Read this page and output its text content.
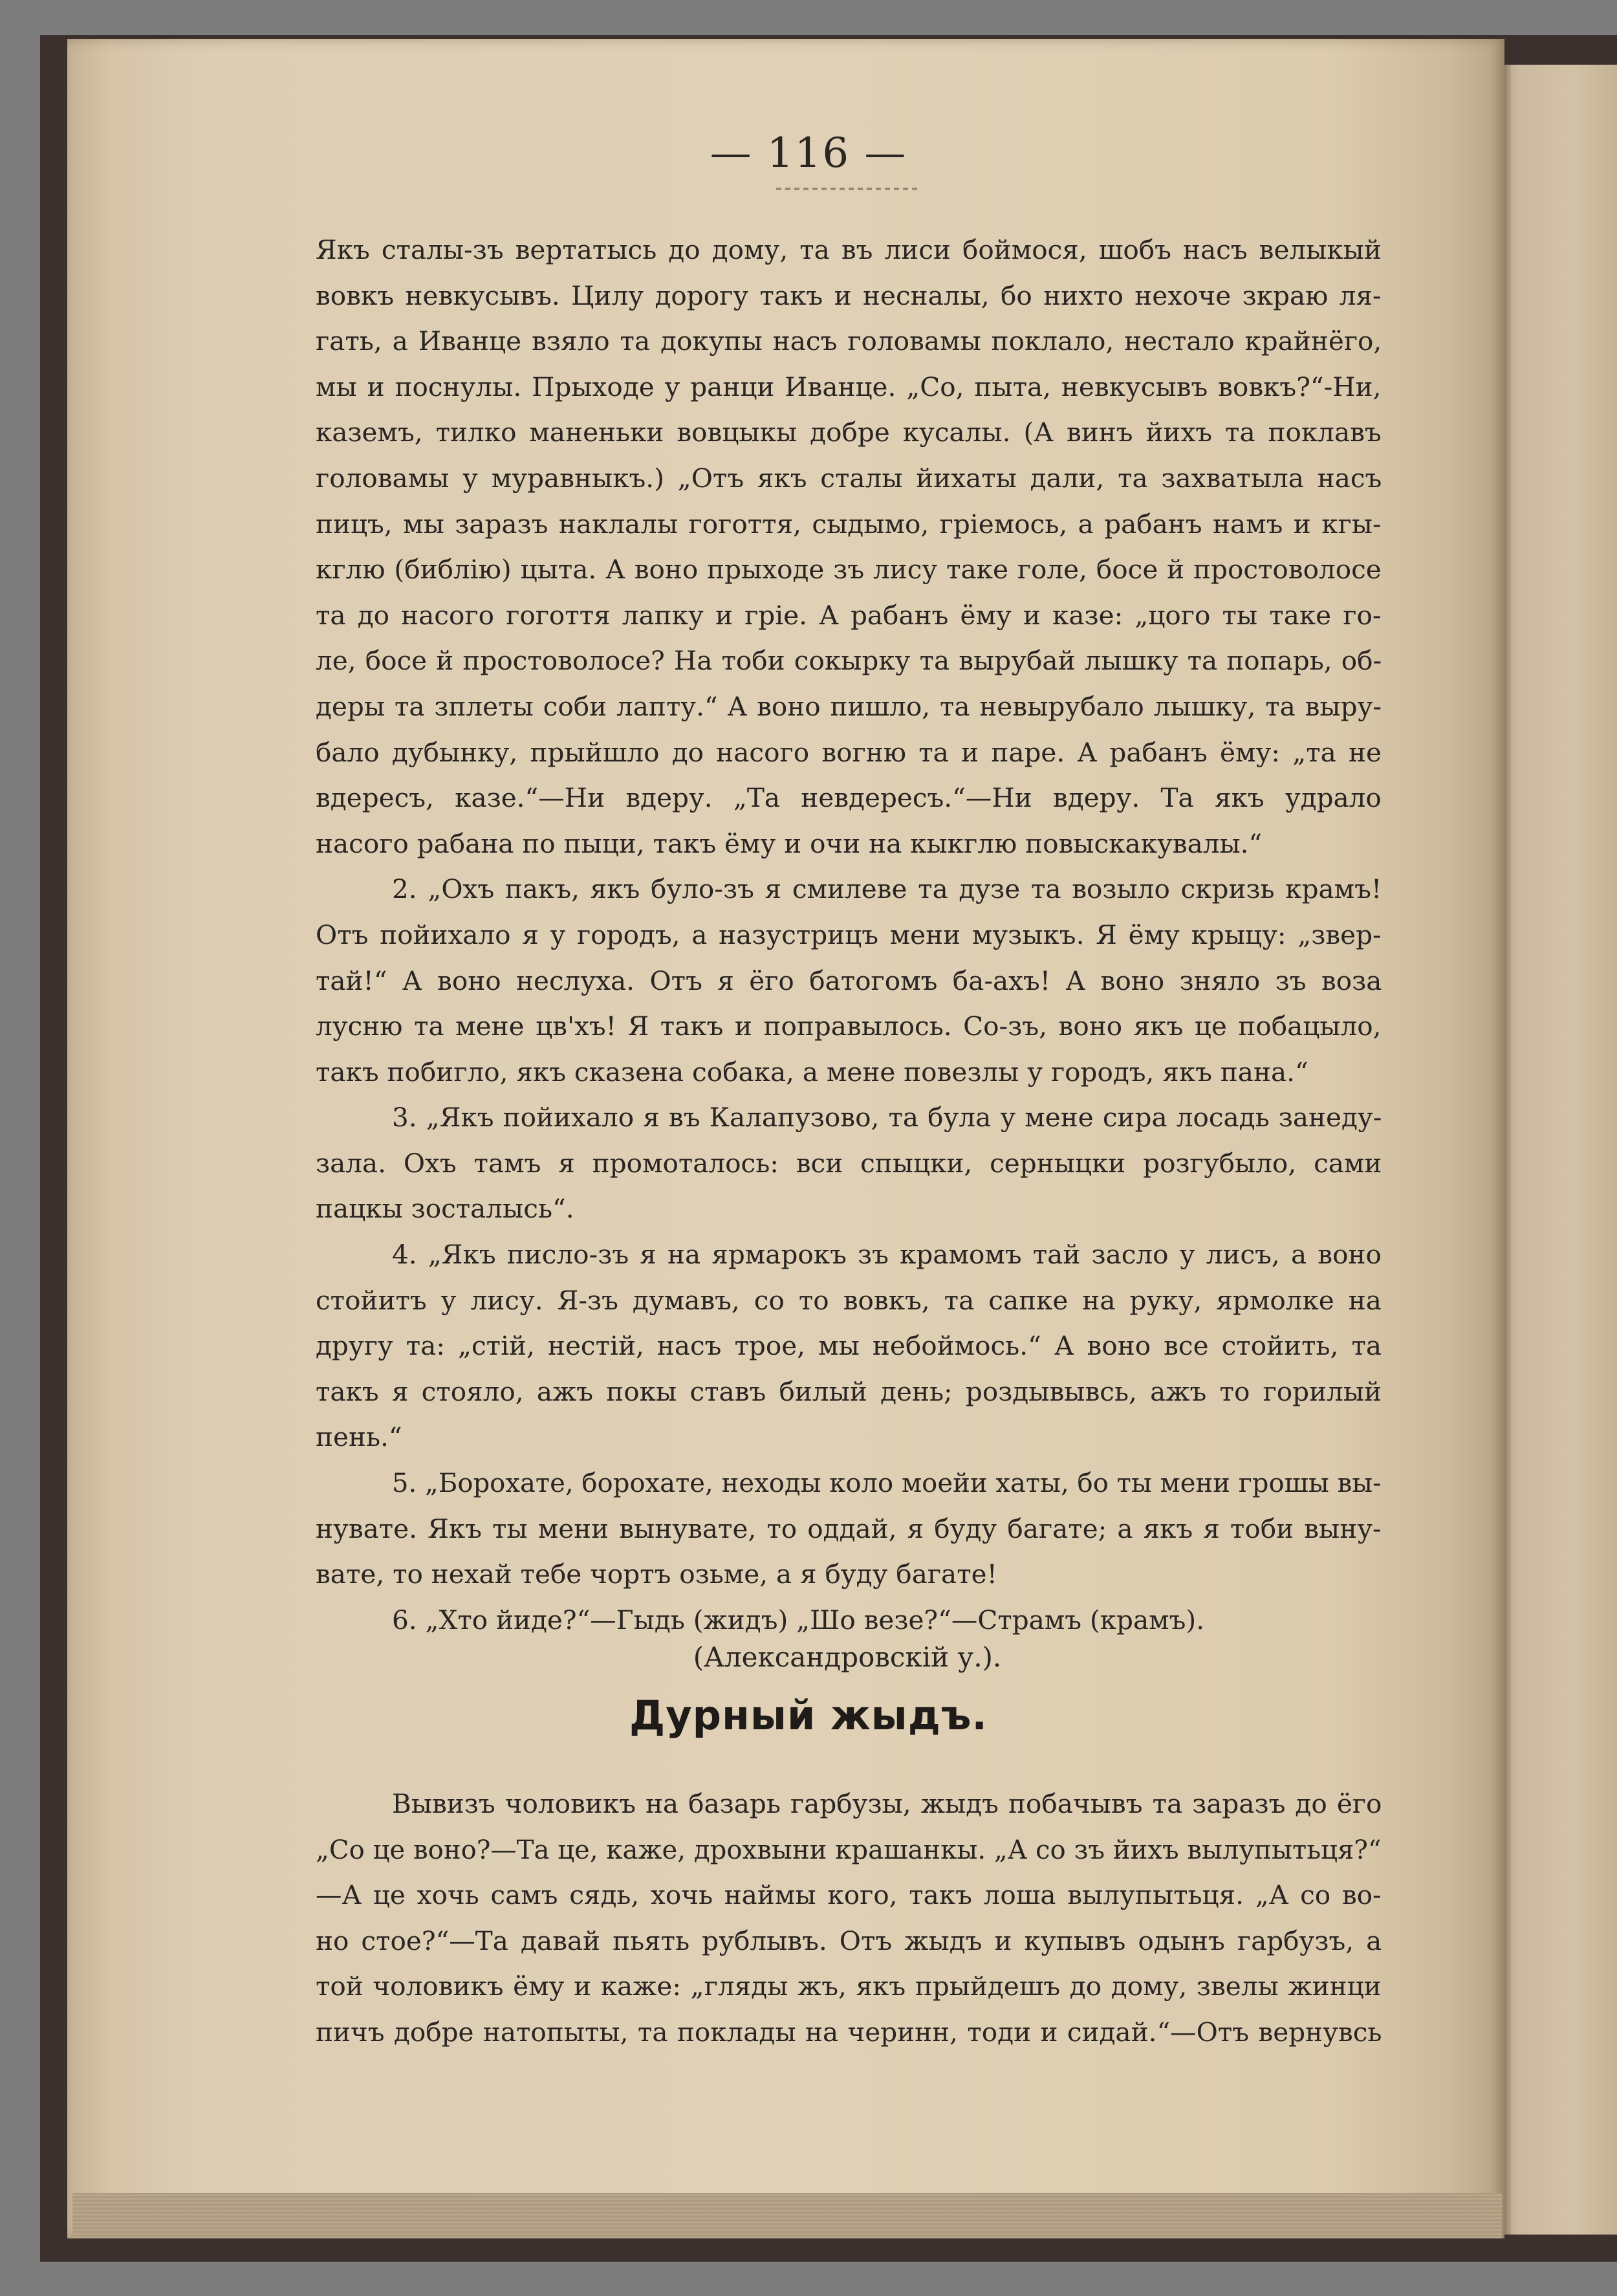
— 116 —
Якъ сталы-зъ вертатысь до дому, та въ лиси боймося, шобъ насъ велыкый
вовкъ невкусывъ. Цилу дорогу такъ и несналы, бо нихто нехоче зкраю ля-
гать, а Иванце взяло та докупы насъ головамы поклало, нестало крайнёго,
мы и поснулы. Прыходе у ранци Иванце. „Со, пыта, невкусывъ вовкъ?“-Ни,
каземъ, тилко маненьки вовцыкы добре кусалы. (А винъ йихъ та поклавъ
головамы у муравныкъ.) „Отъ якъ сталы йихаты дали, та захватыла насъ
пицъ, мы заразъ наклалы гогоття, сыдымо, гріемось, а рабанъ намъ и кгы-
кглю (библію) цыта. А воно прыходе зъ лису таке голе, босе й простоволосе
та до насого гогоття лапку и гріе. А рабанъ ёму и казе: „цого ты таке го-
ле, босе й простоволосе? На тоби сокырку та вырубай лышку та попарь, об-
деры та зплеты соби лапту.“ А воно пишло, та невырубало лышку, та выру-
бало дубынку, прыйшло до насого вогню та и паре. А рабанъ ёму: „та не
вдересъ, казе.“—Ни вдеру. „Та невдересъ.“—Ни вдеру. Та якъ удрало
насого рабана по пыци, такъ ёму и очи на кыкглю повыскакувалы.“
2. „Охъ пакъ, якъ було-зъ я смилеве та дузе та возыло скризь крамъ!
Отъ пойихало я у городъ, а назустрицъ мени музыкъ. Я ёму крыцу: „звер-
тай!“ А воно неслуха. Отъ я ёго батогомъ ба-ахъ! А воно зняло зъ воза
лусню та мене цв'хъ! Я такъ и поправылось. Со-зъ, воно якъ це побацыло,
такъ побигло, якъ сказена собака, а мене повезлы у городъ, якъ пана.“
3. „Якъ пойихало я въ Калапузово, та була у мене сира лосадь занеду-
зала. Охъ тамъ я промоталось: вси спыцки, серныцки розгубыло, сами
пацкы зосталысь“.
4. „Якъ писло-зъ я на ярмарокъ зъ крамомъ тай засло у лисъ, а воно
стойитъ у лису. Я-зъ думавъ, со то вовкъ, та сапке на руку, ярмолке на
другу та: „стій, нестій, насъ трое, мы небоймось.“ А воно все стойить, та
такъ я стояло, ажъ покы ставъ билый день; роздывывсь, ажъ то горилый
пень.“
5. „Борохате, борохате, неходы коло моейи хаты, бо ты мени грошы вы-
нувате. Якъ ты мени вынувате, то оддай, я буду багате; а якъ я тоби выну-
вате, то нехай тебе чортъ озьме, а я буду багате!
6. „Хто йиде?“—Гыдь (жидъ) „Шо везе?“—Страмъ (крамъ).
(Александровскій у.).
Дурный жыдъ.
Вывизъ чоловикъ на базарь гарбузы, жыдъ побачывъ та заразъ до ёго
„Со це воно?—Та це, каже, дрохвыни крашанкы. „А со зъ йихъ вылупытьця?“
—А це хочь самъ сядь, хочь наймы кого, такъ лоша вылупытьця. „А со во-
но стое?“—Та давай пьять рублывъ. Отъ жыдъ и купывъ одынъ гарбузъ, а
той чоловикъ ёму и каже: „гляды жъ, якъ прыйдешъ до дому, звелы жинци
пичъ добре натопыты, та поклады на черинн, тоди и сидай.“—Отъ вернувсь
